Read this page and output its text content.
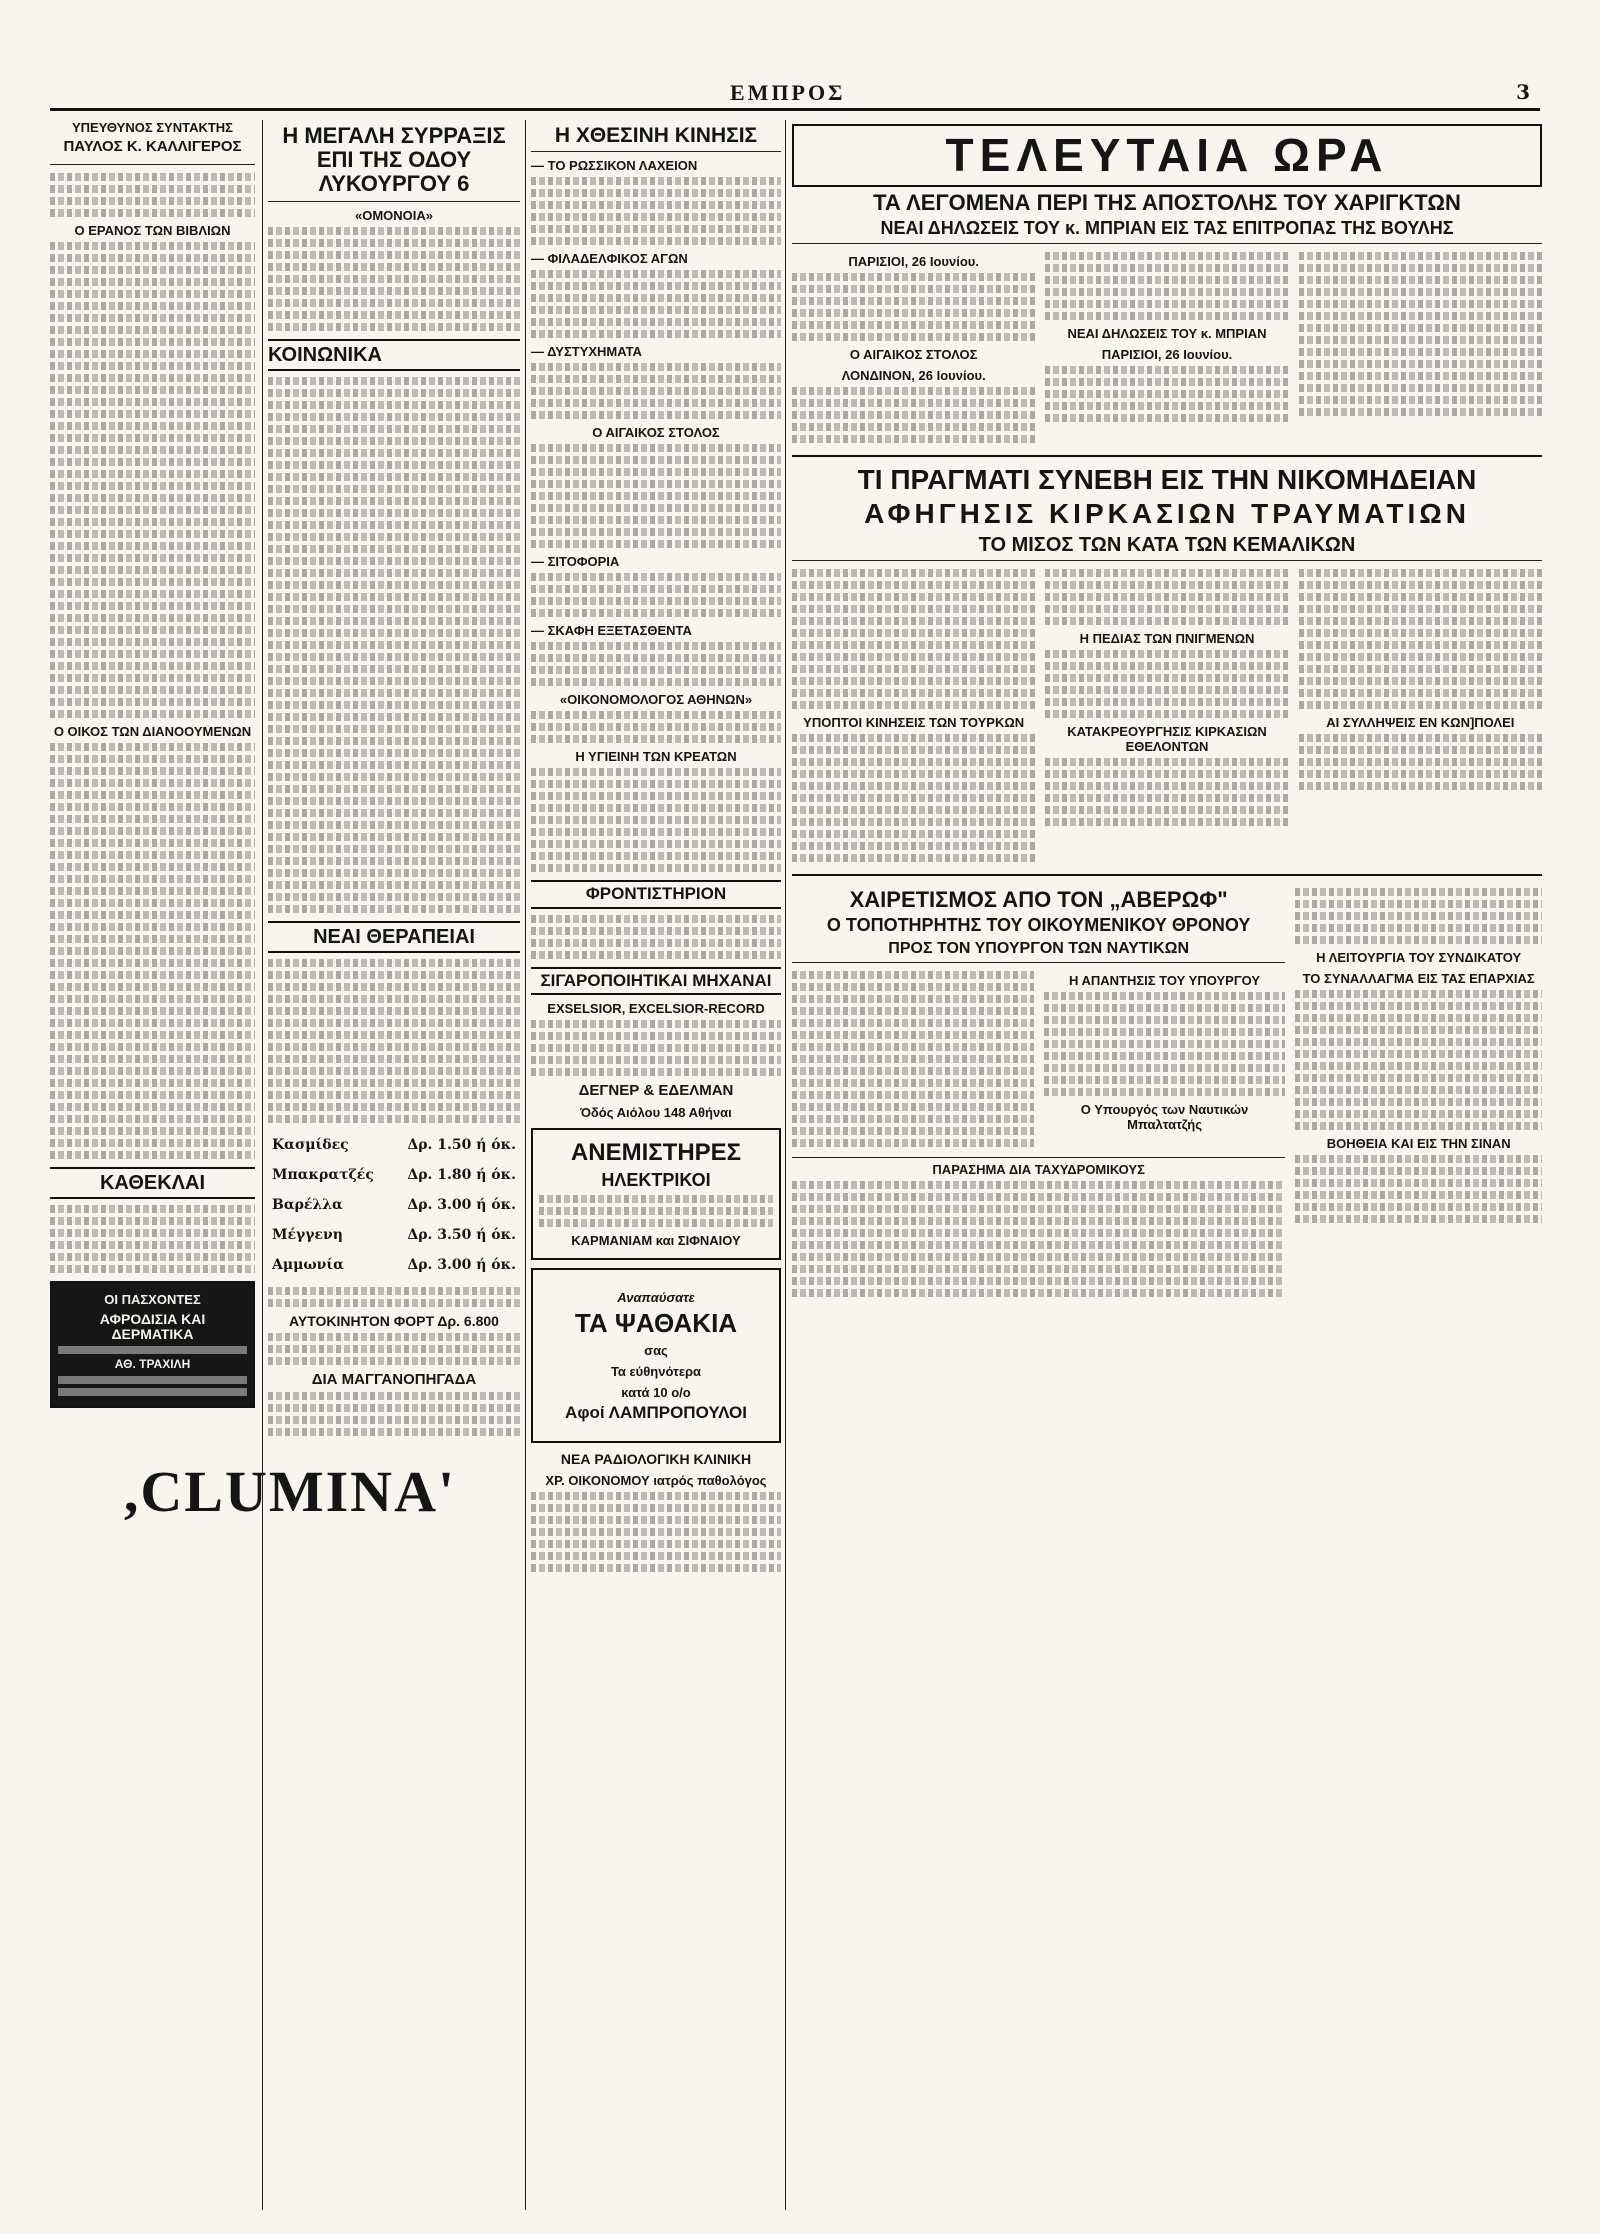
ΕΜΠΡΟΣ	3
ΥΠΕΥΘΥΝΟΣ ΣΥΝΤΑΚΤΗΣ
ΠΑΥΛΟΣ Κ. ΚΑΛΛΙΓΕΡΟΣ
Ο ΕΡΑΝΟΣ ΤΩΝ ΒΙΒΛΙΩΝ
Ο ΟΙΚΟΣ ΤΩΝ ΔΙΑΝΟΟΥΜΕΝΩΝ
ΚΑΘΕΚΛΑΙ
ΟΙ ΠΑΣΧΟΝΤΕΣ
ΑΦΡΟΔΙΣΙΑ ΚΑΙ ΔΕΡΜΑΤΙΚΑ
ΑΘ. ΤΡΑΧΙΛΗ
Η ΜΕΓΑΛΗ ΣΥΡΡΑΞΙΣ ΕΠΙ ΤΗΣ ΟΔΟΥ ΛΥΚΟΥΡΓΟΥ 6
«ΟΜΟΝΟΙΑ»
ΚΟΙΝΩΝΙΚΑ
ΝΕΑΙ ΘΕΡΑΠΕΙΑΙ
Κασμίδες	Δρ. 1.50 ή όκ.
Μπακρατζές Δρ. 1.80 ή όκ.
Βαρέλλα	Δρ. 3.00 ή όκ.
Μέγγενη	Δρ. 3.50 ή όκ.
Αμμωνία	Δρ. 3.00 ή όκ.
ΑΥΤΟΚΙΝΗΤΟΝ ΦΟΡΤ Δρ. 6.800
ΔΙΑ ΜΑΓΓΑΝΟΠΗΓΑΔΑ
Η ΧΘΕΣΙΝΗ ΚΙΝΗΣΙΣ
— ΤΟ ΡΩΣΣΙΚΟΝ ΛΑΧΕΙΟΝ
— ΦΙΛΑΔΕΛΦΙΚΟΣ ΑΓΩΝ
— ΔΥΣΤΥΧΗΜΑΤΑ
Ο ΑΙΓΑΙΚΟΣ ΣΤΟΛΟΣ
— ΣΙΤΟΦΟΡΙΑ
— ΣΚΑΦΗ ΕΞΕΤΑΣΘΕΝΤΑ
«ΟΙΚΟΝΟΜΟΛΟΓΟΣ ΑΘΗΝΩΝ»
Η ΥΓΙΕΙΝΗ ΤΩΝ ΚΡΕΑΤΩΝ
ΦΡΟΝΤΙΣΤΗΡΙΟΝ
ΣΙΓΑΡΟΠΟΙΗΤΙΚΑΙ ΜΗΧΑΝΑΙ
EXSELSIOR, EXCELSIOR-RECORD
ΔΕΓΝΕΡ & ΕΔΕΛΜΑΝ
Όδός Αιόλου 148 Αθήναι
ΑΝΕΜΙΣΤΗΡΕΣ
ΗΛΕΚΤΡΙΚΟΙ
ΚΑΡΜΑΝΙΑΜ και ΣΙΦΝΑΙΟΥ
Αναπαύσατε
ΤΑ ΨΑΘΑΚΙΑ
σας
Τα εύθηνότερα
κατά 10 ο/ο
Αφοί ΛΑΜΠΡΟΠΟΥΛΟΙ
ΝΕΑ ΡΑΔΙΟΛΟΓΙΚΗ ΚΛΙΝΙΚΗ
ΧΡ. ΟΙΚΟΝΟΜΟΥ ιατρός παθολόγος
ΤΕΛΕΥΤΑΙΑ ΩΡΑ
ΤΑ ΛΕΓΟΜΕΝΑ ΠΕΡΙ ΤΗΣ ΑΠΟΣΤΟΛΗΣ ΤΟΥ ΧΑΡΙΓΚΤΩΝ
ΝΕΑΙ ΔΗΛΩΣΕΙΣ ΤΟΥ κ. ΜΠΡΙΑΝ ΕΙΣ ΤΑΣ ΕΠΙΤΡΟΠΑΣ ΤΗΣ ΒΟΥΛΗΣ
ΠΑΡΙΣΙΟΙ, 26 Ιουνίου.
Ο ΑΙΓΑΙΚΟΣ ΣΤΟΛΟΣ
ΛΟΝΔΙΝΟΝ, 26 Ιουνίου.
ΝΕΑΙ ΔΗΛΩΣΕΙΣ ΤΟΥ κ. ΜΠΡΙΑΝ
ΠΑΡΙΣΙΟΙ, 26 Ιουνίου.
ΤΙ ΠΡΑΓΜΑΤΙ ΣΥΝΕΒΗ ΕΙΣ ΤΗΝ ΝΙΚΟΜΗΔΕΙΑΝ
ΑΦΗΓΗΣΙΣ ΚΙΡΚΑΣΙΩΝ ΤΡΑΥΜΑΤΙΩΝ
ΤΟ ΜΙΣΟΣ ΤΩΝ ΚΑΤΑ ΤΩΝ ΚΕΜΑΛΙΚΩΝ
ΥΠΟΠΤΟΙ ΚΙΝΗΣΕΙΣ ΤΩΝ ΤΟΥΡΚΩΝ
Η ΠΕΔΙΑΣ ΤΩΝ ΠΝΙΓΜΕΝΩΝ
ΚΑΤΑΚΡΕΟΥΡΓΗΣΙΣ ΚΙΡΚΑΣΙΩΝ ΕΘΕΛΟΝΤΩΝ
ΑΙ ΣΥΛΛΗΨΕΙΣ ΕΝ ΚΩΝ]ΠΟΛΕΙ
ΧΑΙΡΕΤΙΣΜΟΣ ΑΠΟ ΤΟΝ „ΑΒΕΡΩΦ"
Ο ΤΟΠΟΤΗΡΗΤΗΣ ΤΟΥ ΟΙΚΟΥΜΕΝΙΚΟΥ ΘΡΟΝΟΥ
ΠΡΟΣ ΤΟΝ ΥΠΟΥΡΓΟΝ ΤΩΝ ΝΑΥΤΙΚΩΝ
Η ΑΠΑΝΤΗΣΙΣ ΤΟΥ ΥΠΟΥΡΓΟΥ
Ο Υπουργός των Ναυτικών Μπαλτατζής
ΠΑΡΑΣΗΜΑ ΔΙΑ ΤΑΧΥΔΡΟΜΙΚΟΥΣ
Η ΛΕΙΤΟΥΡΓΙΑ ΤΟΥ ΣΥΝΔΙΚΑΤΟΥ
ΤΟ ΣΥΝΑΛΛΑΓΜΑ ΕΙΣ ΤΑΣ ΕΠΑΡΧΙΑΣ
ΒΟΗΘΕΙΑ ΚΑΙ ΕΙΣ ΤΗΝ ΣΙΝΑΝ
,CLUMINA'
